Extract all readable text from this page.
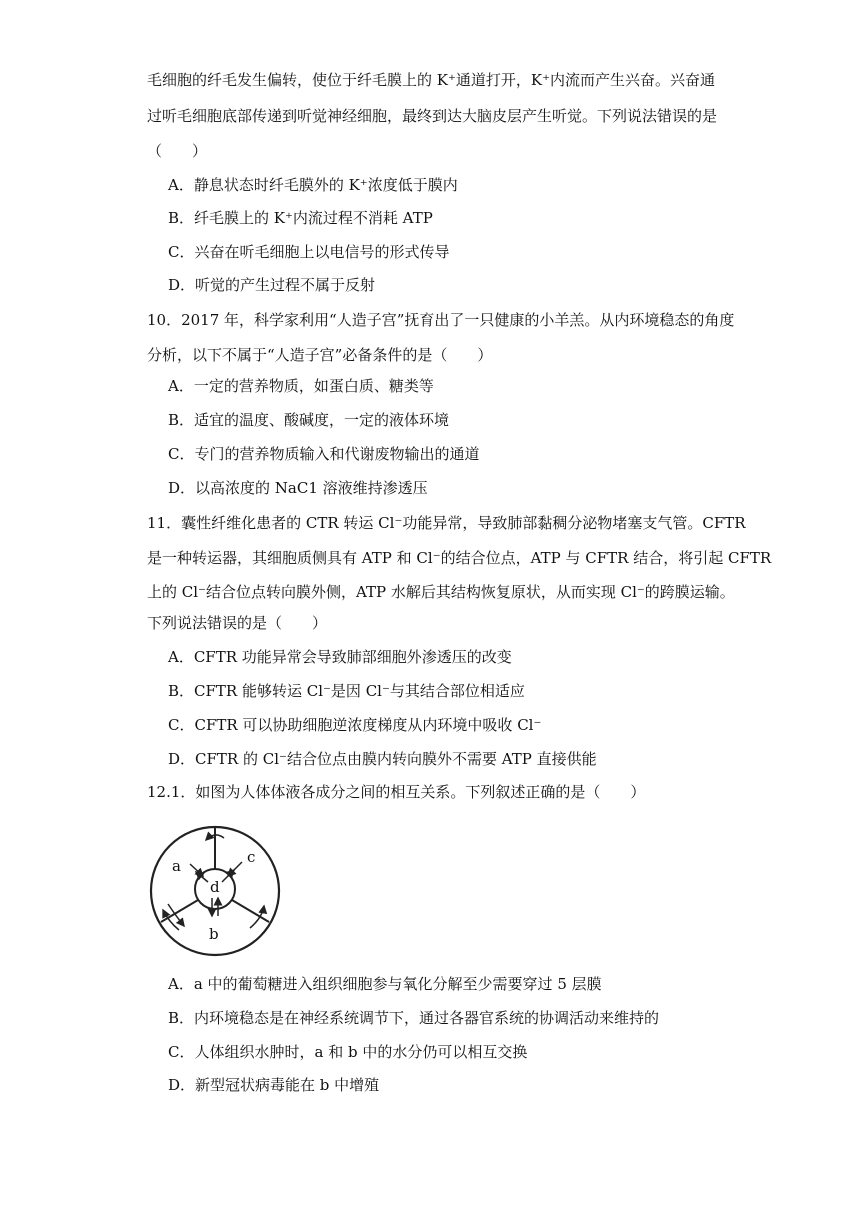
毛细胞的纤毛发生偏转，使位于纤毛膜上的 K⁺通道打开，K⁺内流而产生兴奋。兴奋通
过听毛细胞底部传递到听觉神经细胞，最终到达大脑皮层产生听觉。下列说法错误的是
（　　）
A．静息状态时纤毛膜外的 K⁺浓度低于膜内
B．纤毛膜上的 K⁺内流过程不消耗 ATP
C．兴奋在听毛细胞上以电信号的形式传导
D．听觉的产生过程不属于反射
10．2017 年，科学家利用“人造子宫”抚育出了一只健康的小羊羔。从内环境稳态的角度
分析，以下不属于“人造子宫”必备条件的是（　　）
A．一定的营养物质，如蛋白质、糖类等
B．适宜的温度、酸碱度，一定的液体环境
C．专门的营养物质输入和代谢废物输出的通道
D．以高浓度的 NaC1 溶液维持渗透压
11．囊性纤维化患者的 CTR 转运 Cl⁻功能异常，导致肺部黏稠分泌物堵塞支气管。CFTR
是一种转运器，其细胞质侧具有 ATP 和 Cl⁻的结合位点，ATP 与 CFTR 结合，将引起 CFTR
上的 Cl⁻结合位点转向膜外侧，ATP 水解后其结构恢复原状，从而实现 Cl⁻的跨膜运输。
下列说法错误的是（　　）
A．CFTR 功能异常会导致肺部细胞外渗透压的改变
B．CFTR 能够转运 Cl⁻是因 Cl⁻与其结合部位相适应
C．CFTR 可以协助细胞逆浓度梯度从内环境中吸收 Cl⁻
D．CFTR 的 Cl⁻结合位点由膜内转向膜外不需要 ATP 直接供能
12.1．如图为人体体液各成分之间的相互关系。下列叙述正确的是（　　）
a	c
d
b
A．a 中的葡萄糖进入组织细胞参与氧化分解至少需要穿过 5 层膜
B．内环境稳态是在神经系统调节下，通过各器官系统的协调活动来维持的
C．人体组织水肿时，a 和 b 中的水分仍可以相互交换
D．新型冠状病毒能在 b 中增殖
